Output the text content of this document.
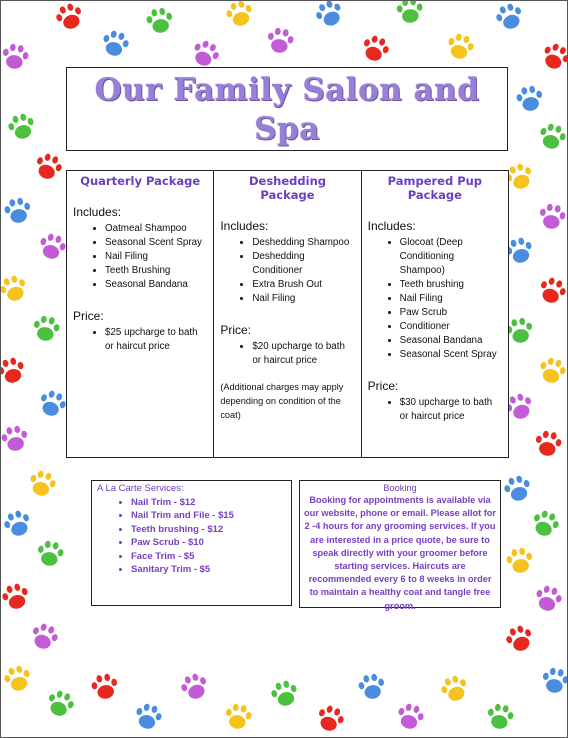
Our Family Salon and Spa
Quarterly Package
Includes:
• Oatmeal Shampoo
• Seasonal Scent Spray
• Nail Filing
• Teeth Brushing
• Seasonal Bandana
Price:
• $25 upcharge to bath or haircut price
Deshedding Package
Includes:
• Deshedding Shampoo
• Deshedding Conditioner
• Extra Brush Out
• Nail Filing
Price:
• $20 upcharge to bath or haircut price
(Additional charges may apply depending on condition of the coat)
Pampered Pup Package
Includes:
• Glocoat (Deep Conditioning Shampoo)
• Teeth brushing
• Nail Filing
• Paw Scrub
• Conditioner
• Seasonal Bandana
• Seasonal Scent Spray
Price:
• $30 upcharge to bath or haircut price
A La Carte Services:
• Nail Trim - $12
• Nail Trim and File - $15
• Teeth brushing - $12
• Paw Scrub - $10
• Face Trim - $5
• Sanitary Trim - $5
Booking
Booking for appointments is available via our website, phone or email. Please allot for 2 -4 hours for any grooming services. If you are interested in a price quote, be sure to speak directly with your groomer before starting services. Haircuts are recommended every 6 to 8 weeks in order to maintain a healthy coat and tangle free groom.
